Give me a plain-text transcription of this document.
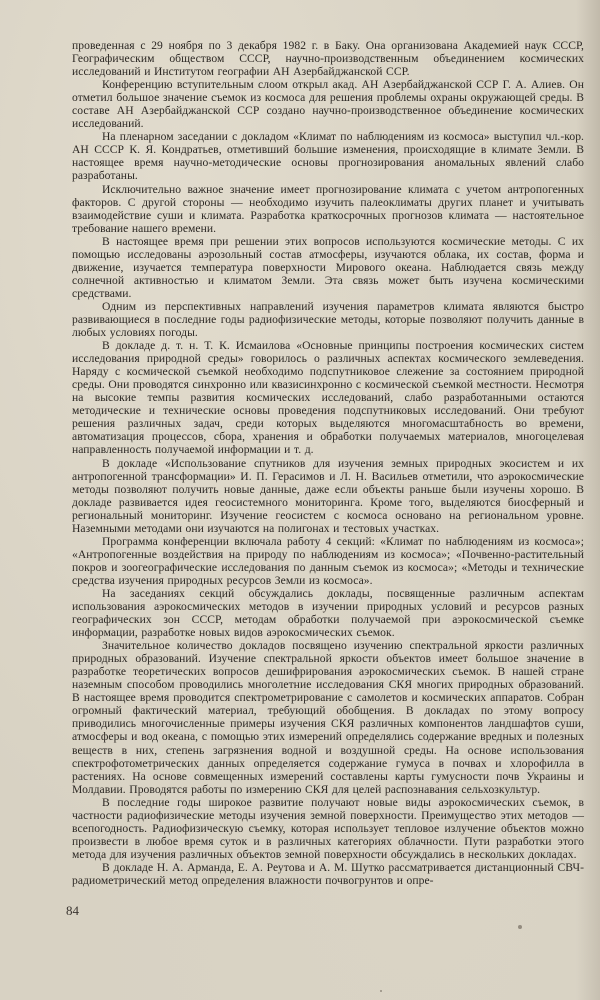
проведенная с 29 ноября по 3 декабря 1982 г. в Баку. Она организована Академией наук СССР, Географическим обществом СССР, научно-производственным объединением космических исследований и Институтом географии АН Азербайджанской ССР.

Конференцию вступительным слоом открыл акад. АН Азербайджанской ССР Г. А. Алиев. Он отметил большое значение съемок из космоса для решения проблемы охраны окружающей среды. В составе АН Азербайджанской ССР создано научно-производственное объединение космических исследований.

На пленарном заседании с докладом «Климат по наблюдениям из космоса» выступил чл.-кор. АН СССР К. Я. Кондратьев, отметивший большие изменения, происходящие в климате Земли. В настоящее время научно-методические основы прогнозирования аномальных явлений слабо разработаны.

Исключительно важное значение имеет прогнозирование климата с учетом антропогенных факторов. С другой стороны — необходимо изучить палеоклиматы других планет и учитывать взаимодействие суши и климата. Разработка краткосрочных прогнозов климата — настоятельное требование нашего времени.

В настоящее время при решении этих вопросов используются космические методы. С их помощью исследованы аэрозольный состав атмосферы, изучаются облака, их состав, форма и движение, изучается температура поверхности Мирового океана. Наблюдается связь между солнечной активностью и климатом Земли. Эта связь может быть изучена космическими средствами.

Одним из перспективных направлений изучения параметров климата являются быстро развивающиеся в последние годы радиофизические методы, которые позволяют получить данные в любых условиях погоды.

В докладе д. т. н. Т. К. Исмаилова «Основные принципы построения космических систем исследования природной среды» говорилось о различных аспектах космического землеведения. Наряду с космической съемкой необходимо подспутниковое слежение за состоянием природной среды. Они проводятся синхронно или квазисинхронно с космической съемкой местности. Несмотря на высокие темпы развития космических исследований, слабо разработанными остаются методические и технические основы проведения подспутниковых исследований. Они требуют решения различных задач, среди которых выделяются многомасштабность во времени, автоматизация процессов, сбора, хранения и обработки получаемых материалов, многоцелевая направленность получаемой информации и т. д.

В докладе «Использование спутников для изучения земных природных экосистем и их антропогенной трансформации» И. П. Герасимов и Л. Н. Васильев отметили, что аэрокосмические методы позволяют получить новые данные, даже если объекты раньше были изучены хорошо. В докладе развивается идея геосистемного мониторинга. Кроме того, выделяются биосферный и региональный мониторинг. Изучение геосистем с космоса основано на региональном уровне. Наземными методами они изучаются на полигонах и тестовых участках.

Программа конференции включала работу 4 секций: «Климат по наблюдениям из космоса»; «Антропогенные воздействия на природу по наблюдениям из космоса»; «Почвенно-растительный покров и зоогеографические исследования по данным съемок из космоса»; «Методы и технические средства изучения природных ресурсов Земли из космоса».

На заседаниях секций обсуждались доклады, посвященные различным аспектам использования аэрокосмических методов в изучении природных условий и ресурсов разных географических зон СССР, методам обработки получаемой при аэрокосмической съемке информации, разработке новых видов аэрокосмических съемок.

Значительное количество докладов посвящено изучению спектральной яркости различных природных образований. Изучение спектральной яркости объектов имеет большое значение в разработке теоретических вопросов дешифрирования аэрокосмических съемок. В нашей стране наземным способом проводились многолетние исследования СКЯ многих природных образований. В настоящее время проводится спектрометрирование с самолетов и космических аппаратов. Собран огромный фактический материал, требующий обобщения. В докладах по этому вопросу приводились многочисленные примеры изучения СКЯ различных компонентов ландшафтов суши, атмосферы и вод океана, с помощью этих измерений определялись содержание вредных и полезных веществ в них, степень загрязнения водной и воздушной среды. На основе использования спектрофотометрических данных определяется содержание гумуса в почвах и хлорофилла в растениях. На основе совмещенных измерений составлены карты гумусности почв Украины и Молдавии. Проводятся работы по измерению СКЯ для целей распознавания сельхозкультур.

В последние годы широкое развитие получают новые виды аэрокосмических съемок, в частности радиофизические методы изучения земной поверхности. Преимущество этих методов — всепогодность. Радиофизическую съемку, которая использует тепловое излучение объектов можно произвести в любое время суток и в различных категориях облачности. Пути разработки этого метода для изучения различных объектов земной поверхности обсуждались в нескольких докладах.

В докладе Н. А. Арманда, Е. А. Реутова и А. М. Шутко рассматривается дистанционный СВЧ-радиометрический метод определения влажности почвогрунтов и опре-

84
